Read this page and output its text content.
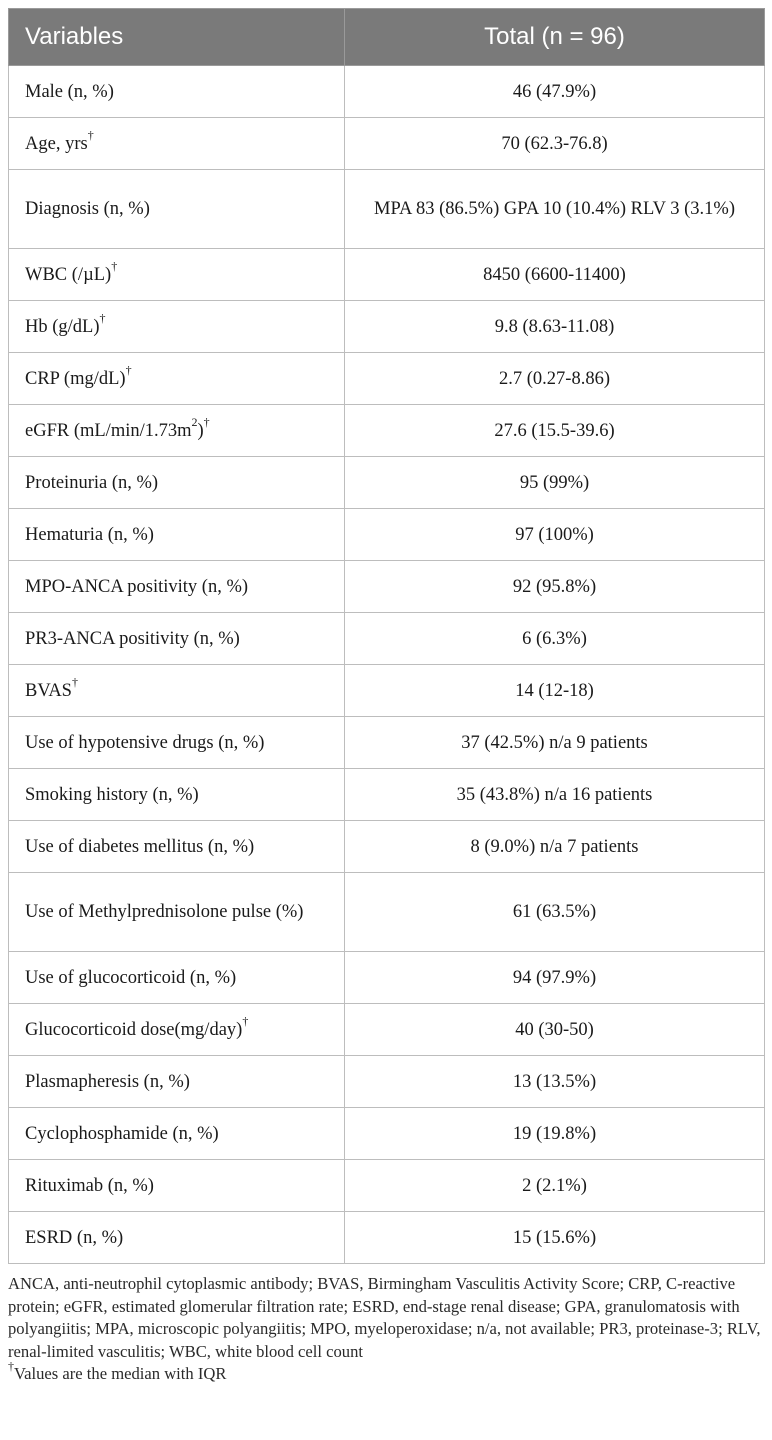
Variables	Total (n = 96)
Male (n, %)	46 (47.9%)
Age, yrs†	70 (62.3-76.8)
Diagnosis (n, %)	MPA 83 (86.5%) GPA 10 (10.4%) RLV 3 (3.1%)
WBC (/µL)†	8450 (6600-11400)
Hb (g/dL)†	9.8 (8.63-11.08)
CRP (mg/dL)†	2.7 (0.27-8.86)
eGFR $(mL/\min/1.73m^2)^\dagger$	27.6 (15.5-39.6)
Proteinuria (n, %)	95 (99%)
Hematuria (n, %)	97 (100%)
MPO-ANCA positivity (n, %)	92 (95.8%)
PR3-ANCA positivity (n, %)	6 (6.3%)
BVAS†	14 (12-18)
Use of hypotensive drugs (n, %)	37 (42.5%) n/a 9 patients
Smoking history (n, %)	35 (43.8%) n/a 16 patients
Use of diabetes mellitus (n, %)	8 (9.0%) n/a 7 patients
Use of Methylprednisolone pulse (%)	61 (63.5%)
Use of glucocorticoid (n, %)	94 (97.9%)
Glucocorticoid dose(mg/day)†	40 (30-50)
Plasmapheresis (n, %)	13 (13.5%)
Cyclophosphamide (n, %)	19 (19.8%)
Rituximab (n, %)	2 (2.1%)
ESRD (n, %)	15 (15.6%)

ANCA, anti-neutrophil cytoplasmic antibody; BVAS, Birmingham Vasculitis Activity Score; CRP, C-reactive protein; eGFR, estimated glomerular filtration rate; ESRD, end-stage renal disease; GPA, granulomatosis with polyangiitis; MPA, microscopic polyangiitis; MPO, myeloperoxidase; n/a, not available; PR3, proteinase-3; RLV, renal-limited vasculitis; WBC, white blood cell count

†Values are the median with IQR
